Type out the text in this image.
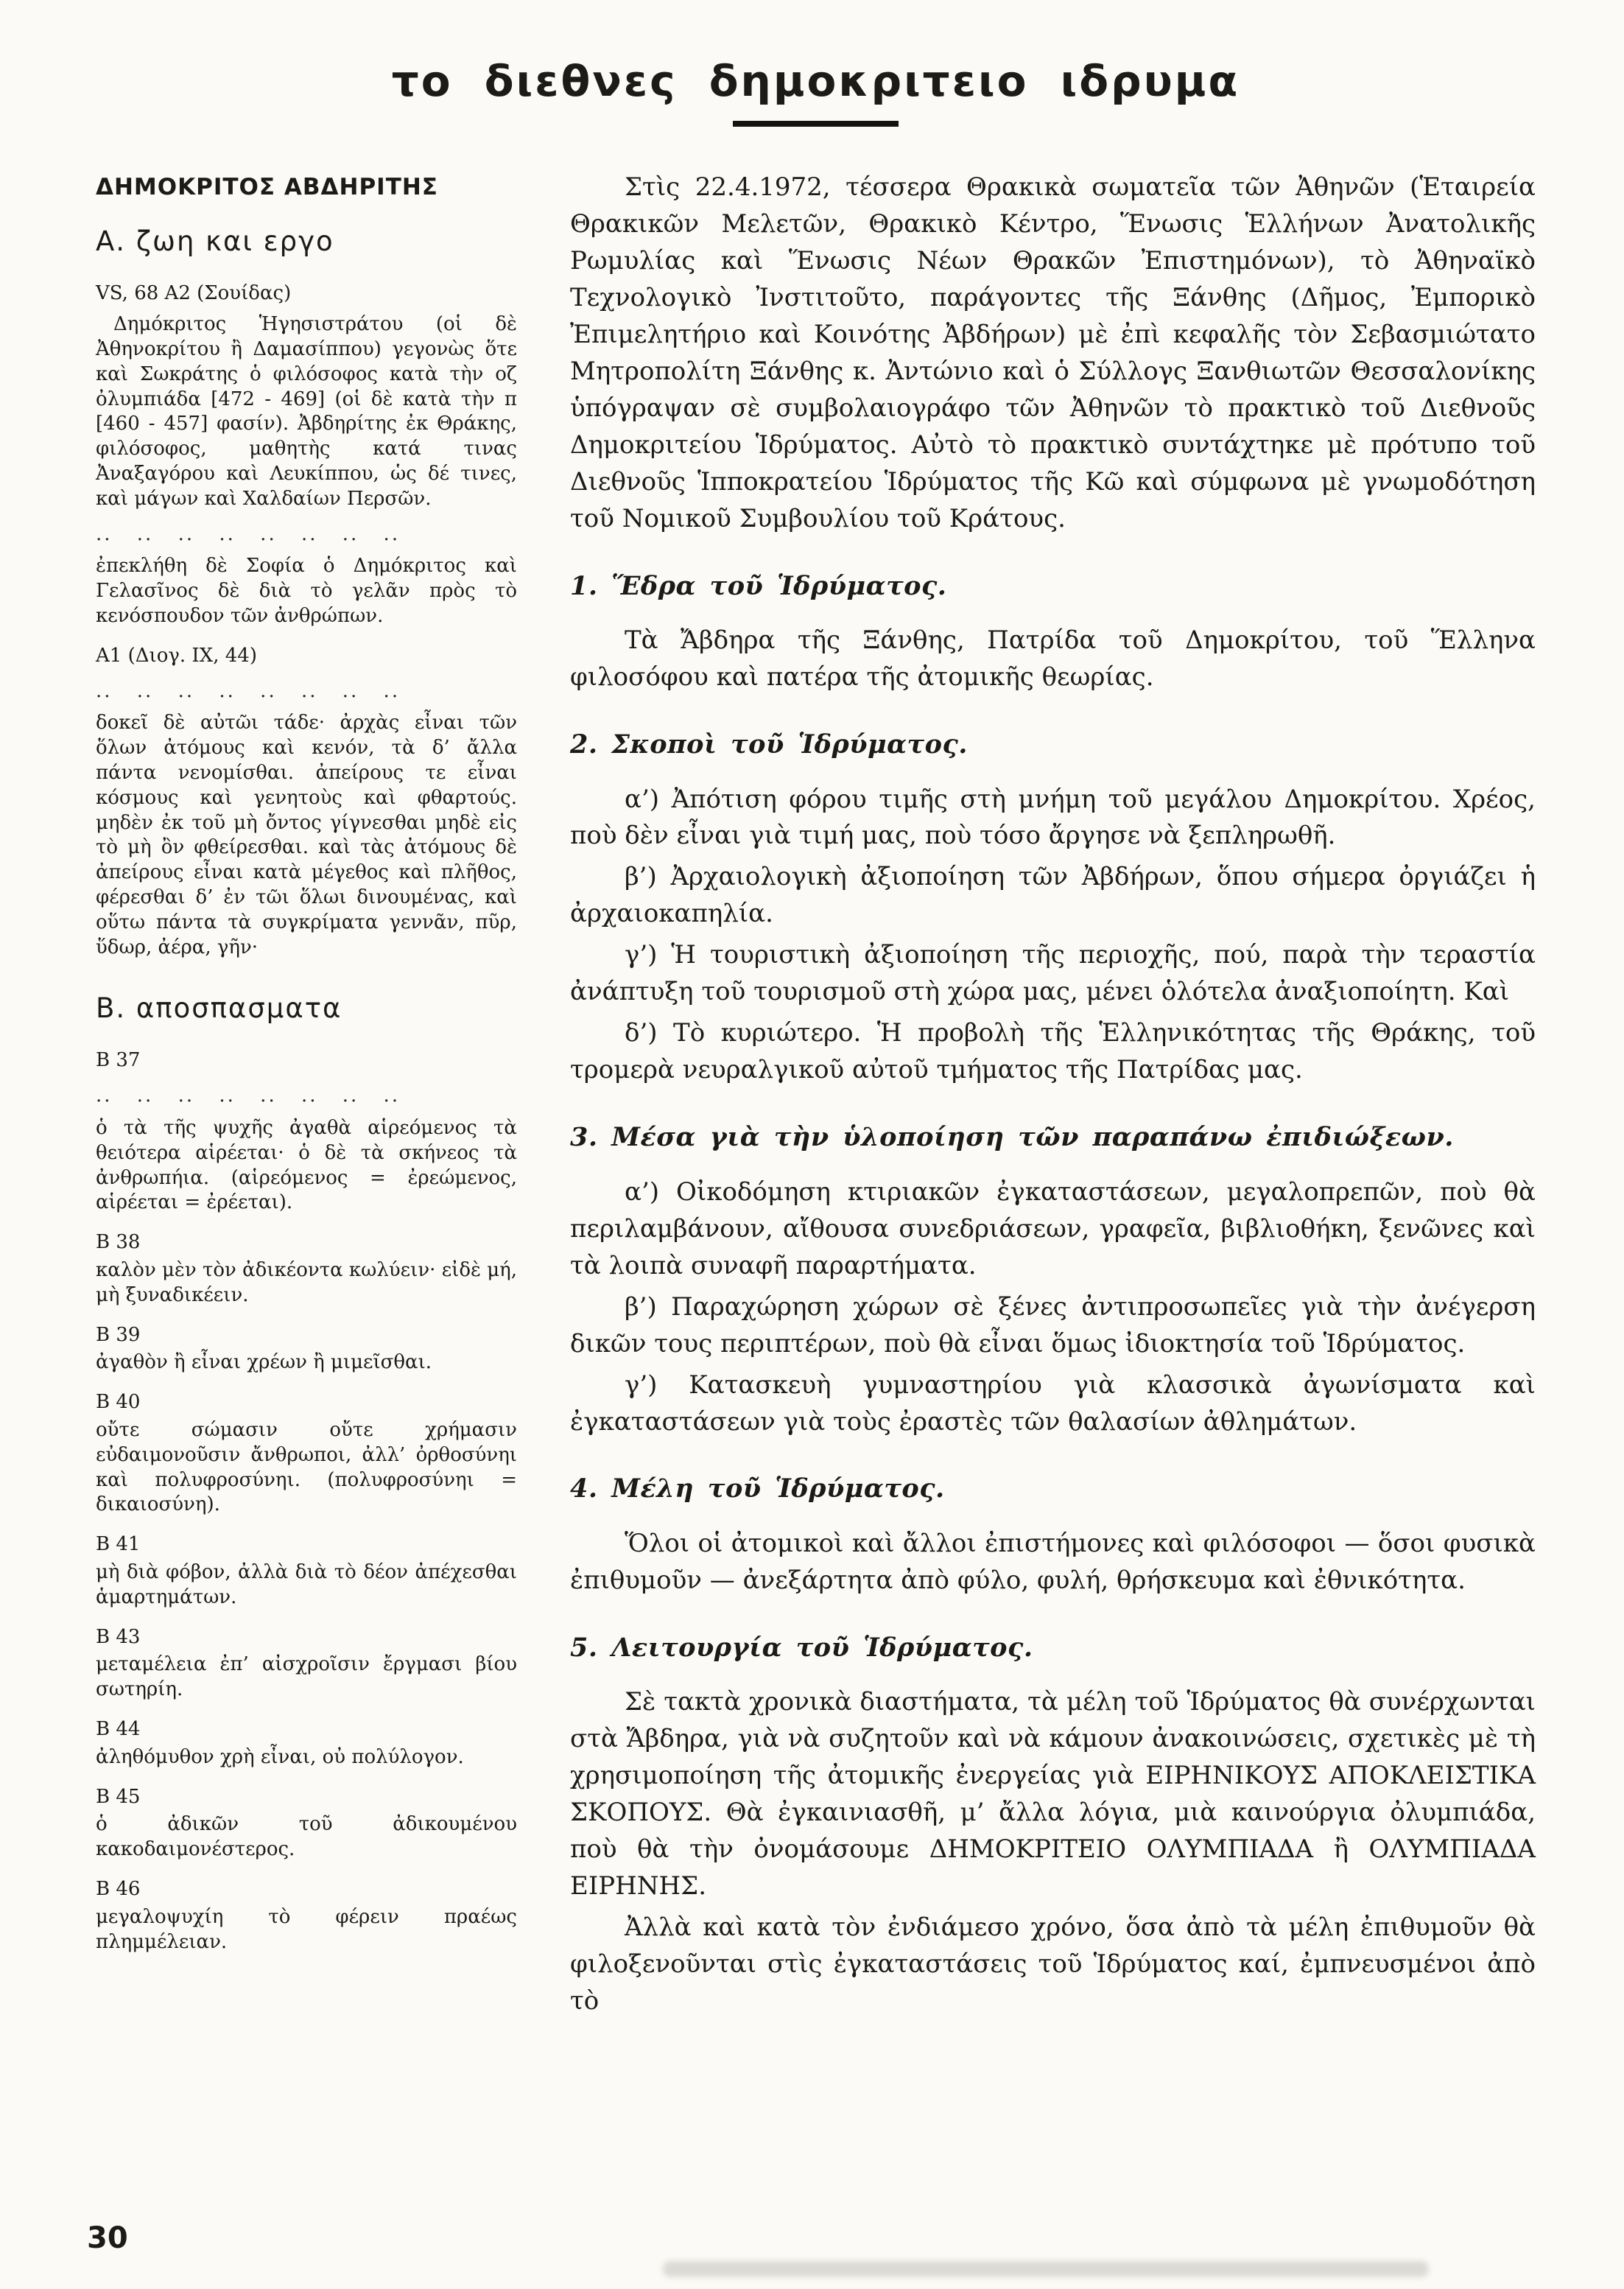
το διεθνες δημοκριτειο ιδρυμα
ΔΗΜΟΚΡΙΤΟΣ ΑΒΔΗΡΙΤΗΣ
Α. ζωη και εργο
VS, 68 Α2 (Σουίδας)

Δημόκριτος Ἡγησιστράτου (οἱ δὲ Ἀθηνοκρίτου ἢ Δαμασίππου) γεγονὼς ὅτε καὶ Σωκράτης ὁ φιλόσοφος κατὰ τὴν οζ ὀλυμπιάδα [472 - 469] (οἱ δὲ κατὰ τὴν π [460 - 457] φασίν). Ἀβδηρίτης ἐκ Θράκης, φιλόσοφος, μαθητὴς κατά τινας Ἀναξαγόρου καὶ Λευκίππου, ὡς δέ τινες, καὶ μάγων καὶ Χαλδαίων Περσῶν.

.. .. .. .. .. .. .. ..

ἐπεκλήθη δὲ Σοφία ὁ Δημόκριτος καὶ Γελασῖνος δὲ διὰ τὸ γελᾶν πρὸς τὸ κενόσπουδον τῶν ἀνθρώπων.

Α1 (Διογ. ΙΧ, 44)
.. .. .. .. .. .. .. ..

δοκεῖ δὲ αὐτῶι τάδε· ἀρχὰς εἶναι τῶν ὅλων ἀτόμους καὶ κενόν, τὰ δ’ ἄλλα πάντα νενομίσθαι. ἀπείρους τε εἶναι κόσμους καὶ γενητοὺς καὶ φθαρτούς. μηδὲν ἐκ τοῦ μὴ ὄντος γίγνεσθαι μηδὲ εἰς τὸ μὴ ὂν φθείρεσθαι. καὶ τὰς ἀτόμους δὲ ἀπείρους εἶναι κατὰ μέγεθος καὶ πλῆθος, φέρεσθαι δ’ ἐν τῶι ὅλωι δινουμένας, καὶ οὕτω πάντα τὰ συγκρίματα γεννᾶν, πῦρ, ὕδωρ, ἀέρα, γῆν·

Β. αποσπασματα
Β 37
.. .. .. .. .. .. .. ..

ὁ τὰ τῆς ψυχῆς ἀγαθὰ αἱρεόμενος τὰ θειότερα αἱρέεται· ὁ δὲ τὰ σκήνεος τὰ ἀνθρωπήια. (αἱρεόμενος = ἐρεώμενος, αἱρέεται = ἐρέεται).

Β 38

καλὸν μὲν τὸν ἀδικέοντα κωλύειν· εἰδὲ μή, μὴ ξυναδικέειν.

Β 39

ἀγαθὸν ἢ εἶναι χρέων ἢ μιμεῖσθαι.

Β 40

οὔτε σώμασιν οὔτε χρήμασιν εὐδαιμονοῦσιν ἄνθρωποι, ἀλλ’ ὀρθοσύνηι καὶ πολυφροσύνηι. (πολυφροσύνηι = δικαιοσύνη).

Β 41

μὴ διὰ φόβον, ἀλλὰ διὰ τὸ δέον ἀπέχεσθαι ἁμαρτημάτων.

Β 43

μεταμέλεια ἐπ’ αἰσχροῖσιν ἔργμασι βίου σωτηρίη.

Β 44

ἀληθόμυθον χρὴ εἶναι, οὐ πολύλογον.

Β 45

ὁ ἀδικῶν τοῦ ἀδικουμένου κακοδαιμονέστερος.

Β 46

μεγαλοψυχίη τὸ φέρειν πραέως πλημμέλειαν.

Στὶς 22.4.1972, τέσσερα Θρακικὰ σωματεῖα τῶν Ἀθηνῶν (Ἑταιρεία Θρακικῶν Μελετῶν, Θρακικὸ Κέντρο, Ἕνωσις Ἑλλήνων Ἀνατολικῆς Ρωμυλίας καὶ Ἕνωσις Νέων Θρακῶν Ἐπιστημόνων), τὸ Ἀθηναϊκὸ Τεχνολογικὸ Ἰνστιτοῦτο, παράγοντες τῆς Ξάνθης (Δῆμος, Ἐμπορικὸ Ἐπιμελητήριο καὶ Κοινότης Ἀβδήρων) μὲ ἐπὶ κεφαλῆς τὸν Σεβασμιώτατο Μητροπολίτη Ξάνθης κ. Ἀντώνιο καὶ ὁ Σύλλογς Ξανθιωτῶν Θεσσαλονίκης ὑπόγραψαν σὲ συμβολαιογράφο τῶν Ἀθηνῶν τὸ πρακτικὸ τοῦ Διεθνοῦς Δημοκριτείου Ἱδρύματος. Αὐτὸ τὸ πρακτικὸ συντάχτηκε μὲ πρότυπο τοῦ Διεθνοῦς Ἱπποκρατείου Ἱδρύματος τῆς Κῶ καὶ σύμφωνα μὲ γνωμοδότηση τοῦ Νομικοῦ Συμβουλίου τοῦ Κράτους.

1. Ἕδρα τοῦ Ἱδρύματος.

Τὰ Ἄβδηρα τῆς Ξάνθης, Πατρίδα τοῦ Δημοκρίτου, τοῦ Ἕλληνα φιλοσόφου καὶ πατέρα τῆς ἀτομικῆς θεωρίας.

2. Σκοποὶ τοῦ Ἱδρύματος.

α’) Ἀπότιση φόρου τιμῆς στὴ μνήμη τοῦ μεγάλου Δημοκρίτου. Χρέος, ποὺ δὲν εἶναι γιὰ τιμή μας, ποὺ τόσο ἄργησε νὰ ξεπληρωθῆ.

β’) Ἀρχαιολογικὴ ἀξιοποίηση τῶν Ἀβδήρων, ὅπου σήμερα ὀργιάζει ἡ ἀρχαιοκαπηλία.

γ’) Ἡ τουριστικὴ ἀξιοποίηση τῆς περιοχῆς, πού, παρὰ τὴν τεραστία ἀνάπτυξη τοῦ τουρισμοῦ στὴ χώρα μας, μένει ὁλότελα ἀναξιοποίητη. Καὶ

δ’) Τὸ κυριώτερο. Ἡ προβολὴ τῆς Ἑλληνικότητας τῆς Θράκης, τοῦ τρομερὰ νευραλγικοῦ αὐτοῦ τμήματος τῆς Πατρίδας μας.

3. Μέσα γιὰ τὴν ὑλοποίηση τῶν παραπάνω ἐπιδιώξεων.

α’) Οἰκοδόμηση κτιριακῶν ἐγκαταστάσεων, μεγαλοπρεπῶν, ποὺ θὰ περιλαμβάνουν, αἴθουσα συνεδριάσεων, γραφεῖα, βιβλιοθήκη, ξενῶνες καὶ τὰ λοιπὰ συναφῆ παραρτήματα.

β’) Παραχώρηση χώρων σὲ ξένες ἀντιπροσωπεῖες γιὰ τὴν ἀνέγερση δικῶν τους περιπτέρων, ποὺ θὰ εἶναι ὅμως ἰδιοκτησία τοῦ Ἱδρύματος.

γ’) Κατασκευὴ γυμναστηρίου γιὰ κλασσικὰ ἀγωνίσματα καὶ ἐγκαταστάσεων γιὰ τοὺς ἐραστὲς τῶν θαλασίων ἀθλημάτων.

4. Μέλη τοῦ Ἱδρύματος.

Ὅλοι οἱ ἀτομικοὶ καὶ ἄλλοι ἐπιστήμονες καὶ φιλόσοφοι — ὅσοι φυσικὰ ἐπιθυμοῦν — ἀνεξάρτητα ἀπὸ φύλο, φυλή, θρήσκευμα καὶ ἐθνικότητα.

5. Λειτουργία τοῦ Ἱδρύματος.

Σὲ τακτὰ χρονικὰ διαστήματα, τὰ μέλη τοῦ Ἱδρύματος θὰ συνέρχωνται στὰ Ἄβδηρα, γιὰ νὰ συζητοῦν καὶ νὰ κάμουν ἀνακοινώσεις, σχετικὲς μὲ τὴ χρησιμοποίηση τῆς ἀτομικῆς ἐνεργείας γιὰ ΕΙΡΗΝΙΚΟΥΣ ΑΠΟΚΛΕΙΣΤΙΚΑ ΣΚΟΠΟΥΣ. Θὰ ἐγκαινιασθῆ, μ’ ἄλλα λόγια, μιὰ καινούργια ὀλυμπιάδα, ποὺ θὰ τὴν ὀνομάσουμε ΔΗΜΟΚΡΙΤΕΙΟ ΟΛΥΜΠΙΑΔΑ ἢ ΟΛΥΜΠΙΑΔΑ ΕΙΡΗΝΗΣ.

Ἀλλὰ καὶ κατὰ τὸν ἐνδιάμεσο χρόνο, ὅσα ἀπὸ τὰ μέλη ἐπιθυμοῦν θὰ φιλοξενοῦνται στὶς ἐγκαταστάσεις τοῦ Ἱδρύματος καί, ἐμπνευσμένοι ἀπὸ τὸ

30
